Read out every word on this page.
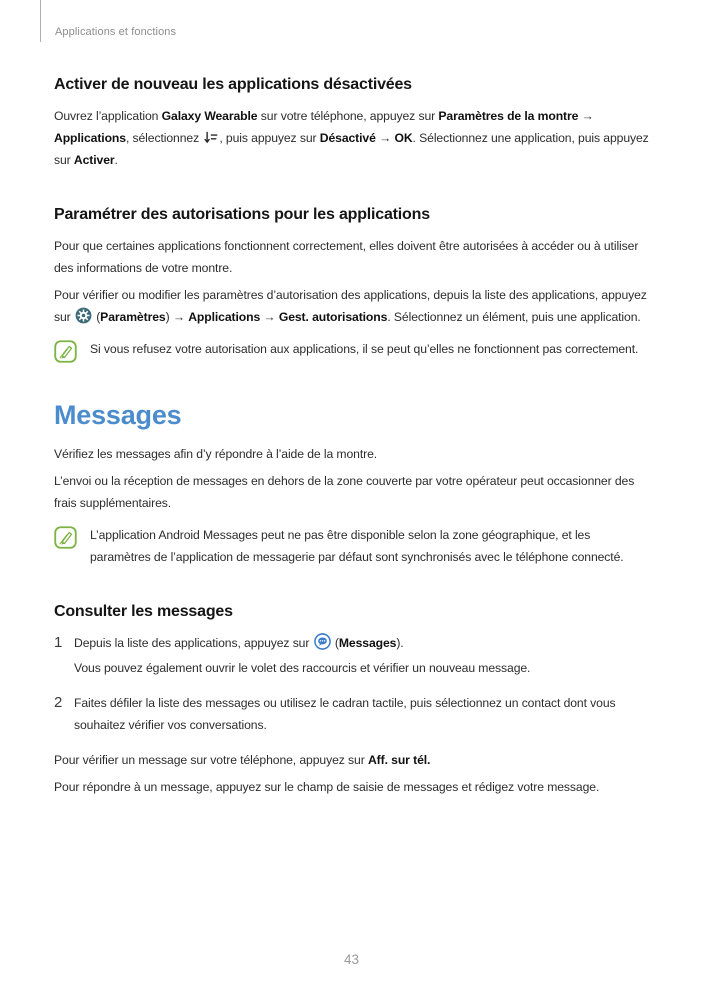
Applications et fonctions
Activer de nouveau les applications désactivées

Ouvrez l’application Galaxy Wearable sur votre téléphone, appuyez sur Paramètres de la montre → Applications, sélectionnez , puis appuyez sur Désactivé → OK. Sélectionnez une application, puis appuyez sur Activer.

Paramétrer des autorisations pour les applications

Pour que certaines applications fonctionnent correctement, elles doivent être autorisées à accéder ou à utiliser des informations de votre montre.

Pour vérifier ou modifier les paramètres d’autorisation des applications, depuis la liste des applications, appuyez sur  (Paramètres) → Applications → Gest. autorisations. Sélectionnez un élément, puis une application.

Si vous refusez votre autorisation aux applications, il se peut qu’elles ne fonctionnent pas correctement.

Messages

Vérifiez les messages afin d’y répondre à l’aide de la montre.

L’envoi ou la réception de messages en dehors de la zone couverte par votre opérateur peut occasionner des frais supplémentaires.

L’application Android Messages peut ne pas être disponible selon la zone géographique, et les paramètres de l’application de messagerie par défaut sont synchronisés avec le téléphone connecté.

Consulter les messages
1 Depuis la liste des applications, appuyez sur  (Messages).

Vous pouvez également ouvrir le volet des raccourcis et vérifier un nouveau message.

2 Faites défiler la liste des messages ou utilisez le cadran tactile, puis sélectionnez un contact dont vous souhaitez vérifier vos conversations.

Pour vérifier un message sur votre téléphone, appuyez sur Aff. sur tél.

Pour répondre à un message, appuyez sur le champ de saisie de messages et rédigez votre message.

43
